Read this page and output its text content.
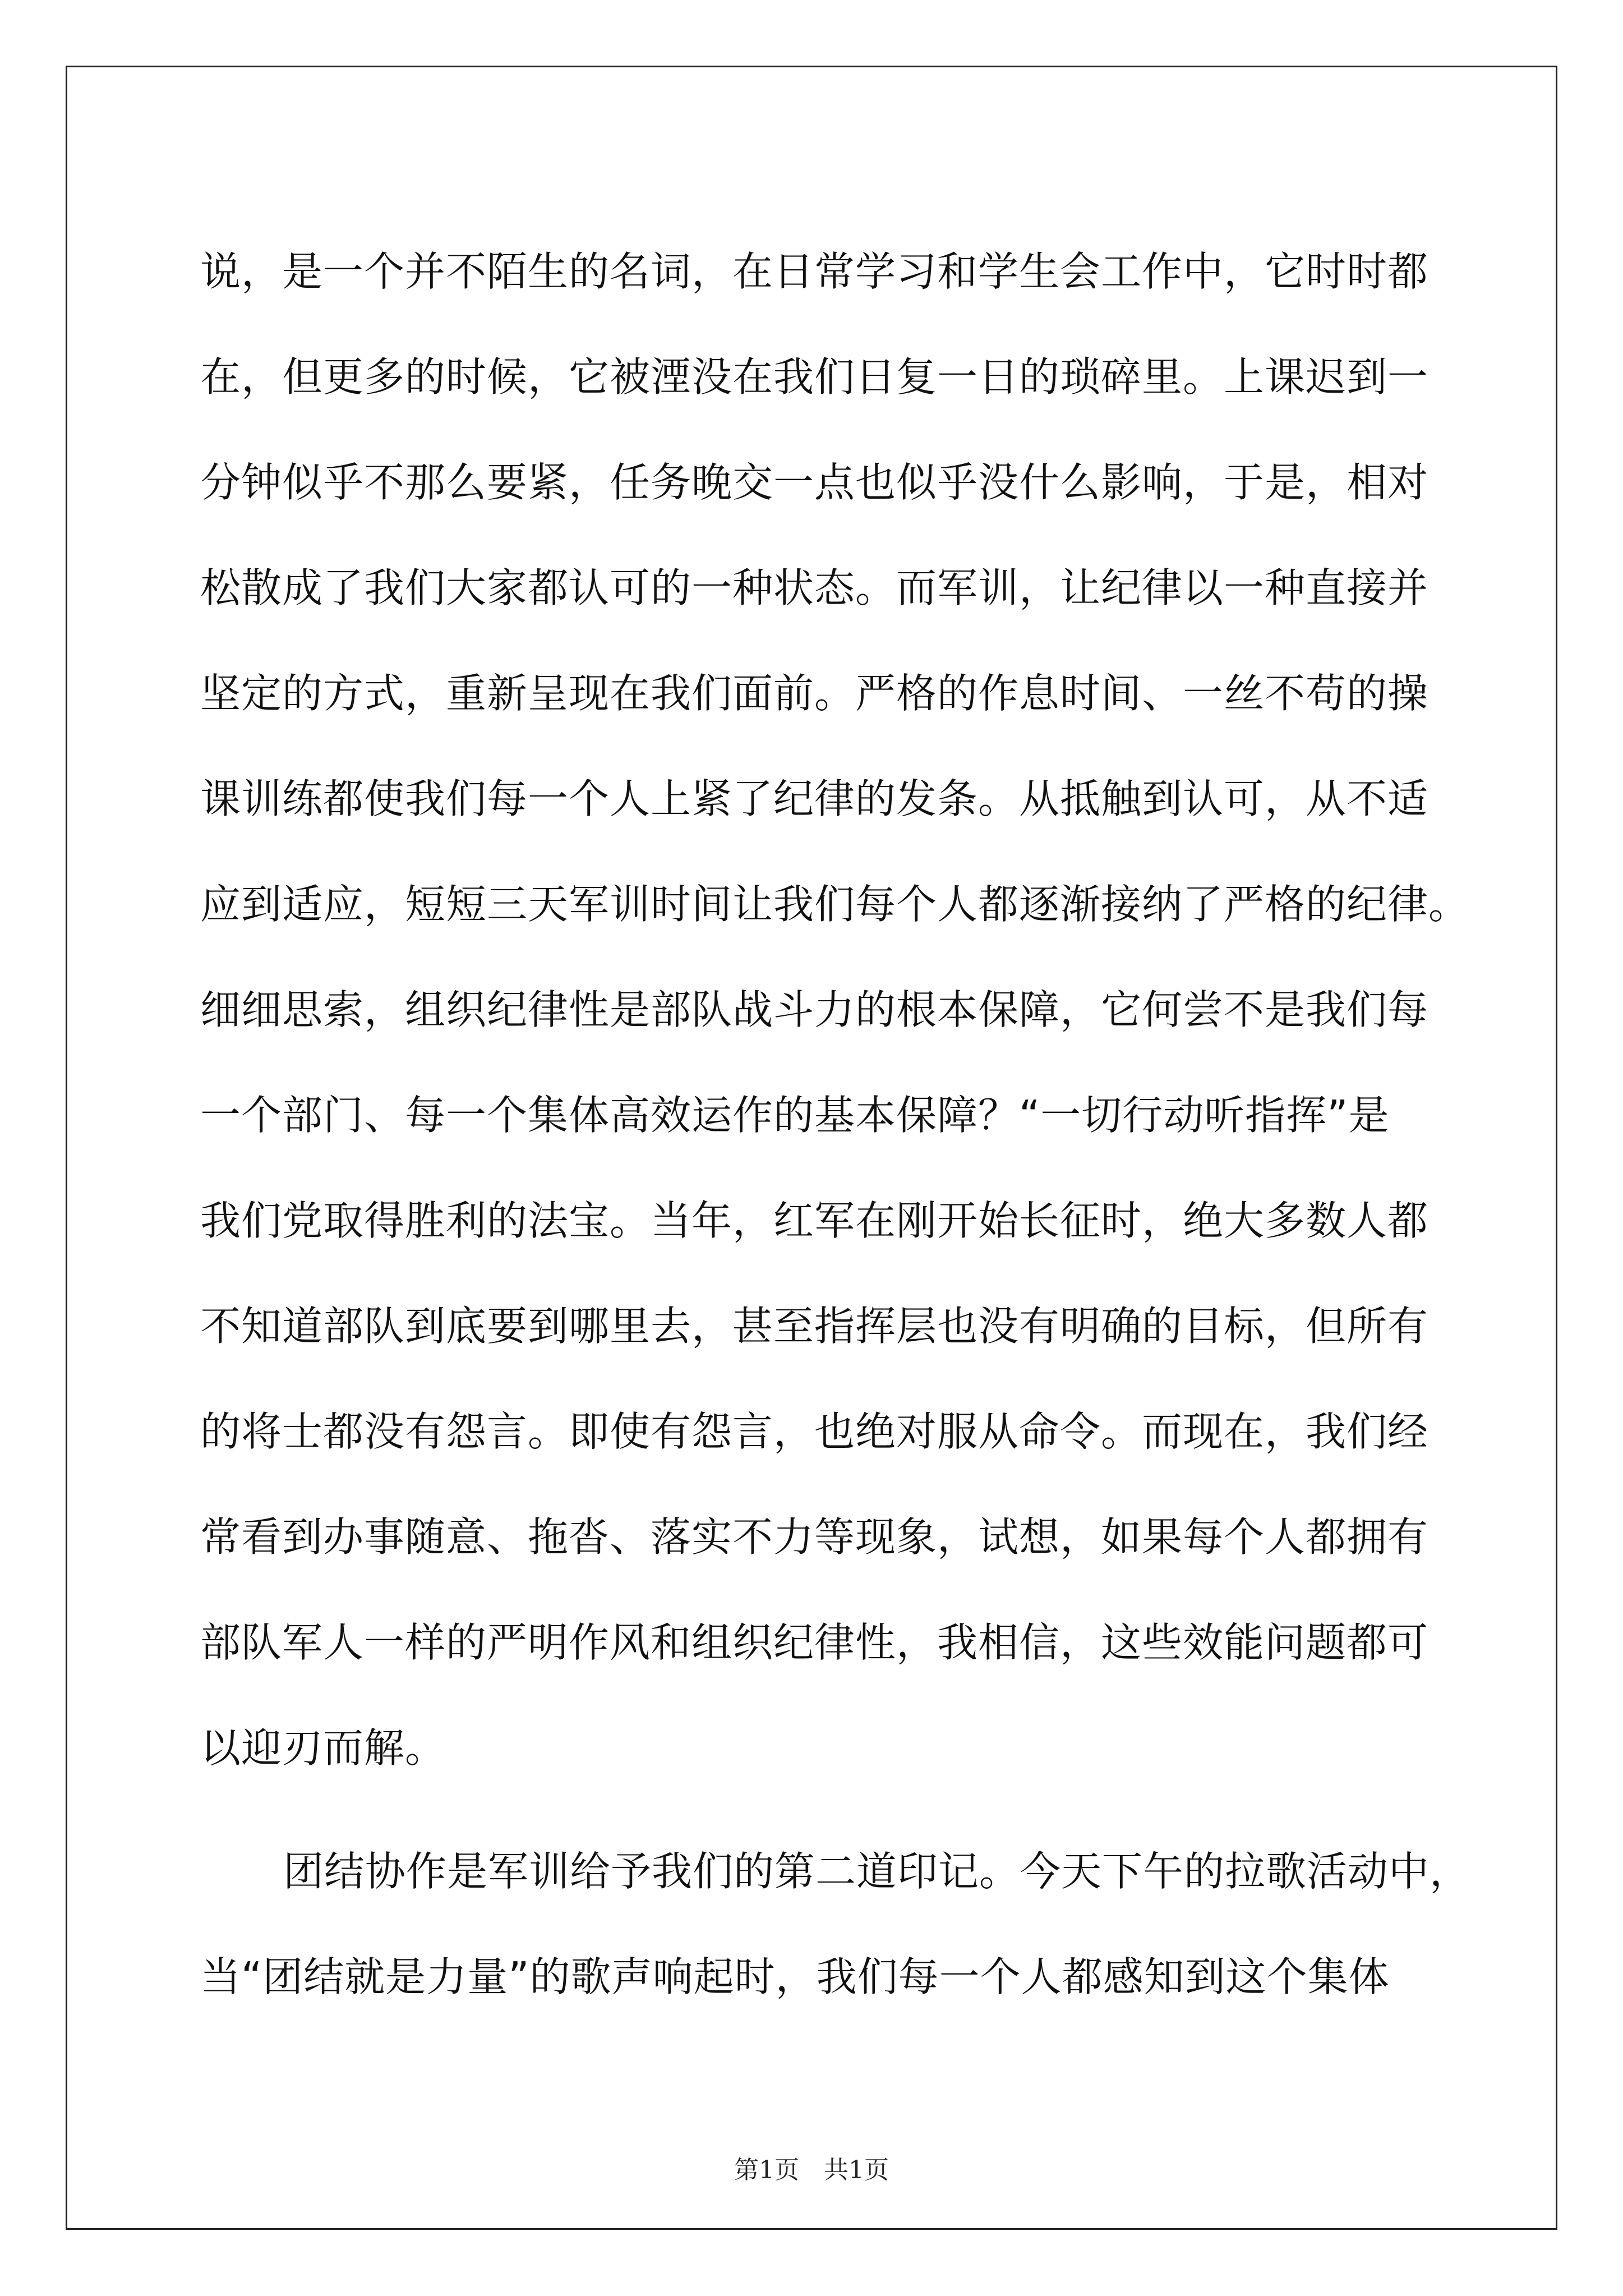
说，是一个并不陌生的名词，在日常学习和学生会工作中，它时时都
在，但更多的时候，它被湮没在我们日复一日的琐碎里。上课迟到一
分钟似乎不那么要紧，任务晚交一点也似乎没什么影响，于是，相对
松散成了我们大家都认可的一种状态。而军训，让纪律以一种直接并
坚定的方式，重新呈现在我们面前。严格的作息时间、一丝不苟的操
课训练都使我们每一个人上紧了纪律的发条。从抵触到认可，从不适
应到适应，短短三天军训时间让我们每个人都逐渐接纳了严格的纪律。
细细思索，组织纪律性是部队战斗力的根本保障，它何尝不是我们每
一个部门、每一个集体高效运作的基本保障？“一切行动听指挥”是
我们党取得胜利的法宝。当年，红军在刚开始长征时，绝大多数人都
不知道部队到底要到哪里去，甚至指挥层也没有明确的目标，但所有
的将士都没有怨言。即使有怨言，也绝对服从命令。而现在，我们经
常看到办事随意、拖沓、落实不力等现象，试想，如果每个人都拥有
部队军人一样的严明作风和组织纪律性，我相信，这些效能问题都可
以迎刃而解。
团结协作是军训给予我们的第二道印记。今天下午的拉歌活动中，
当“团结就是力量”的歌声响起时，我们每一个人都感知到这个集体
第1页　共1页
